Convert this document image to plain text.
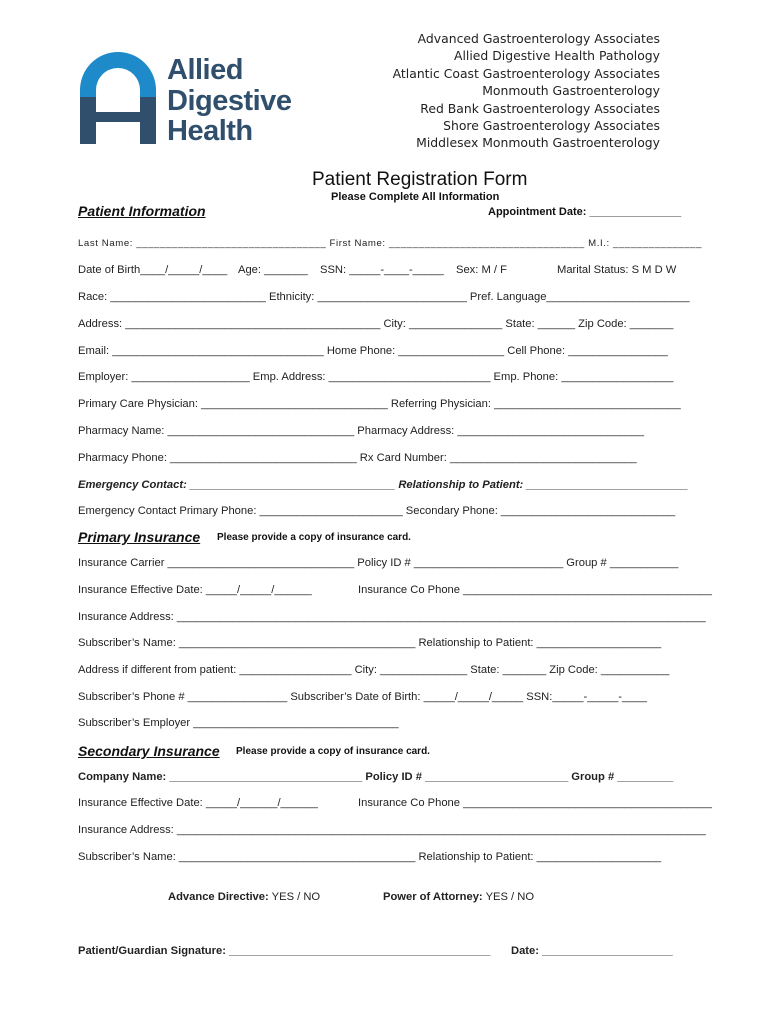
Allied
Digestive
Health
Advanced Gastroenterology Associates
Allied Digestive Health Pathology
Atlantic Coast Gastroenterology Associates
Monmouth Gastroenterology
Red Bank Gastroenterology Associates
Shore Gastroenterology Associates
Middlesex Monmouth Gastroenterology
Patient Registration Form
Please Complete All Information
Patient Information	Appointment Date: _______________
Last Name: ________________________________ First Name: _________________________________ M.I.: _______________
Date of Birth____/_____/____ Age: _______ SSN: _____-____-_____ Sex: M / F	Marital Status: S M D W
Race: _________________________ Ethnicity: ________________________ Pref. Language_______________________
Address: _________________________________________ City: _______________ State: ______ Zip Code: _______
Email: __________________________________ Home Phone: _________________ Cell Phone: ________________
Employer: ___________________ Emp. Address: __________________________ Emp. Phone: __________________
Primary Care Physician: ______________________________ Referring Physician: ______________________________
Pharmacy Name: ______________________________ Pharmacy Address: ______________________________
Pharmacy Phone: ______________________________ Rx Card Number: ______________________________
Emergency Contact: _________________________________ Relationship to Patient: __________________________
Emergency Contact Primary Phone: _______________________ Secondary Phone: ____________________________
Primary Insurance Please provide a copy of insurance card.
Insurance Carrier ______________________________ Policy ID # ________________________ Group # ___________
Insurance Effective Date: _____/_____/______	Insurance Co Phone ________________________________________
Insurance Address: _____________________________________________________________________________________
Subscriber’s Name: ______________________________________ Relationship to Patient: ____________________
Address if different from patient: __________________ City: ______________ State: _______ Zip Code: ___________
Subscriber’s Phone # ________________ Subscriber’s Date of Birth: _____/_____/_____ SSN:_____-_____-____
Subscriber’s Employer _________________________________
Secondary Insurance Please provide a copy of insurance card.
Company Name: _______________________________ Policy ID # _______________________ Group # _________
Insurance Effective Date: _____/______/______	Insurance Co Phone ________________________________________
Insurance Address: _____________________________________________________________________________________
Subscriber’s Name: ______________________________________ Relationship to Patient: ____________________
Advance Directive: YES / NO	Power of Attorney: YES / NO
Patient/Guardian Signature: __________________________________________ Date: _____________________
